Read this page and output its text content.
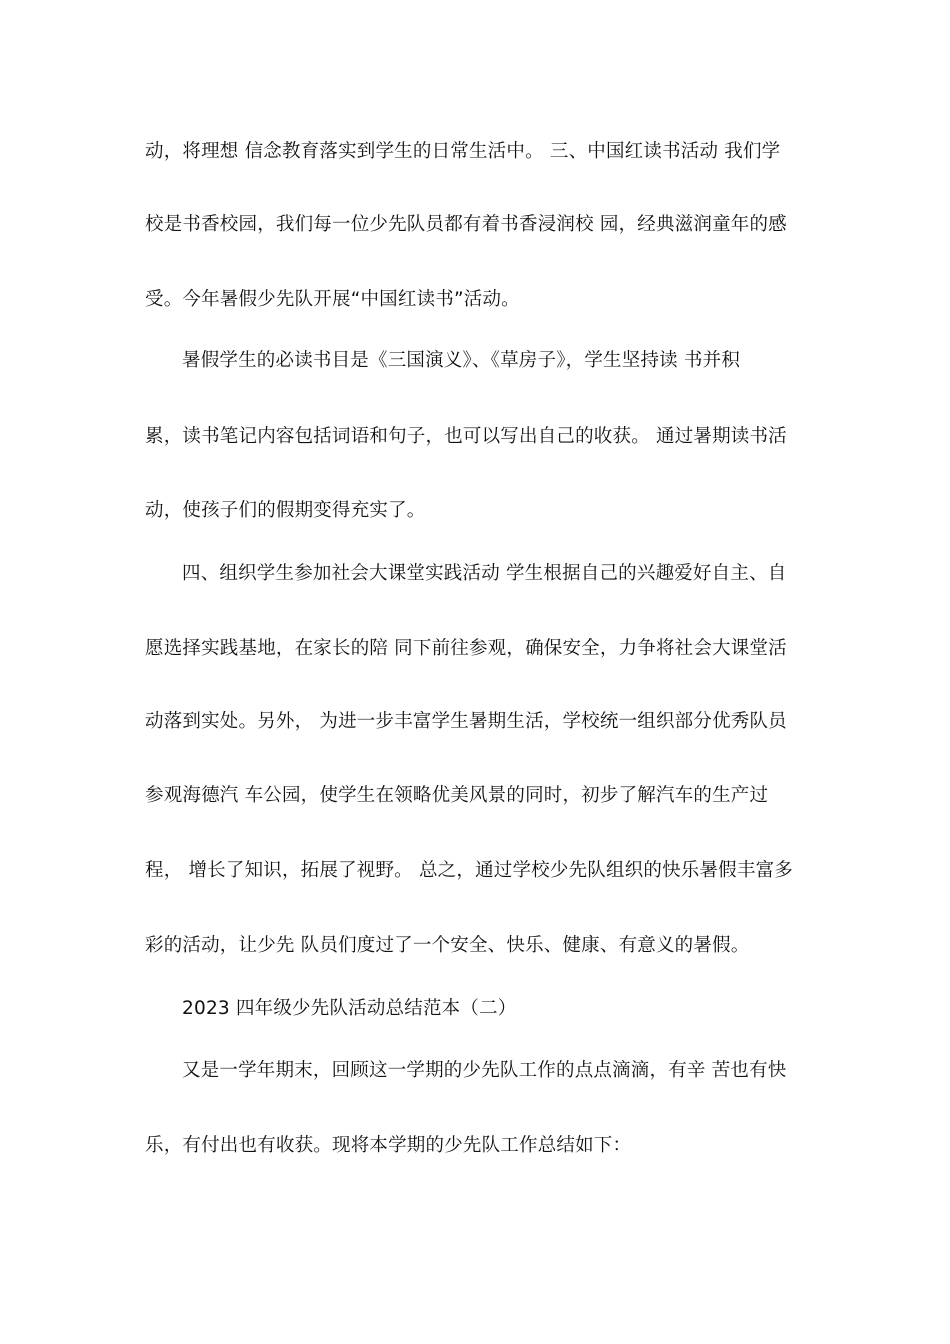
动，将理想 信念教育落实到学生的日常生活中。 三、中国红读书活动 我们学
校是书香校园，我们每一位少先队员都有着书香浸润校 园，经典滋润童年的感
受。今年暑假少先队开展“中国红读书”活动。
暑假学生的必读书目是《三国演义》、《草房子》，学生坚持读 书并积
累，读书笔记内容包括词语和句子，也可以写出自己的收获。 通过暑期读书活
动，使孩子们的假期变得充实了。
四、组织学生参加社会大课堂实践活动 学生根据自己的兴趣爱好自主、自
愿选择实践基地，在家长的陪 同下前往参观，确保安全，力争将社会大课堂活
动落到实处。另外， 为进一步丰富学生暑期生活，学校统一组织部分优秀队员
参观海德汽 车公园，使学生在领略优美风景的同时，初步了解汽车的生产过
程， 增长了知识，拓展了视野。 总之，通过学校少先队组织的快乐暑假丰富多
彩的活动，让少先 队员们度过了一个安全、快乐、健康、有意义的暑假。
2023 四年级少先队活动总结范本（二）
又是一学年期末，回顾这一学期的少先队工作的点点滴滴，有辛 苦也有快
乐，有付出也有收获。现将本学期的少先队工作总结如下：
